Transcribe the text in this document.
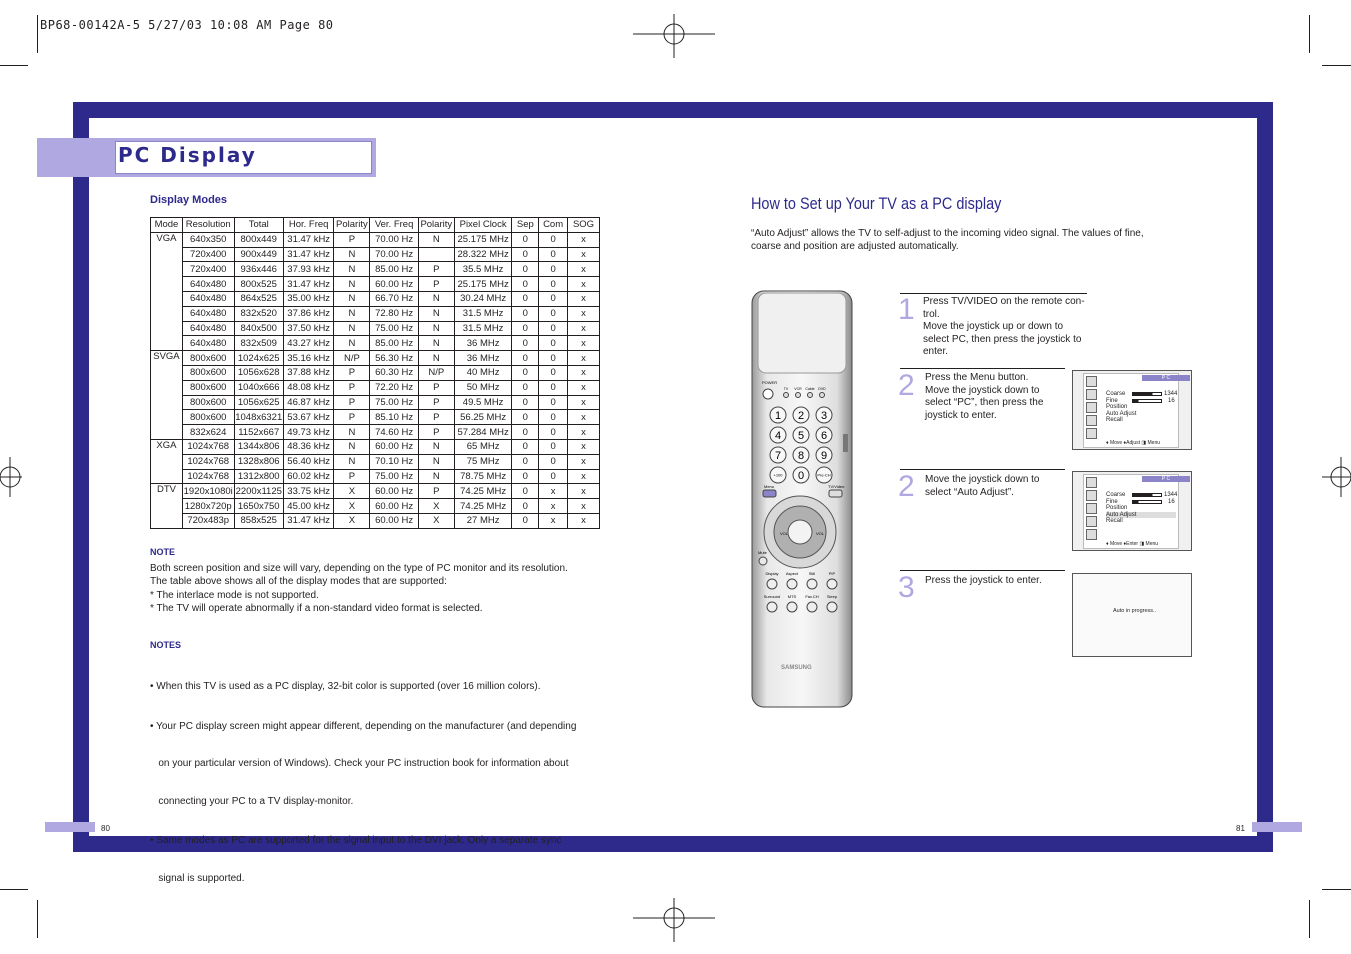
BP68-00142A-5 5/27/03 10:08 AM Page 80
PC Display
Display Modes
Mode	Resolution	Total	Hor. Freq	Polarity	Ver. Freq	Polarity	Pixel Clock	Sep	Com	SOG
VGA	640x350	800x449	31.47 kHz	P	70.00 Hz	N	25.175 MHz	0	0	x
	720x400	900x449	31.47 kHz	N	70.00 Hz		28.322 MHz	0	0	x
	720x400	936x446	37.93 kHz	N	85.00 Hz	P	35.5 MHz	0	0	x
	640x480	800x525	31.47 kHz	N	60.00 Hz	P	25.175 MHz	0	0	x
	640x480	864x525	35.00 kHz	N	66.70 Hz	N	30.24 MHz	0	0	x
	640x480	832x520	37.86 kHz	N	72.80 Hz	N	31.5 MHz	0	0	x
	640x480	840x500	37.50 kHz	N	75.00 Hz	N	31.5 MHz	0	0	x
	640x480	832x509	43.27 kHz	N	85.00 Hz	N	36 MHz	0	0	x
SVGA	800x600	1024x625	35.16 kHz	N/P	56.30 Hz	N	36 MHz	0	0	x
	800x600	1056x628	37.88 kHz	P	60.30 Hz	N/P	40 MHz	0	0	x
	800x600	1040x666	48.08 kHz	P	72.20 Hz	P	50 MHz	0	0	x
	800x600	1056x625	46.87 kHz	P	75.00 Hz	P	49.5 MHz	0	0	x
	800x600	1048x6321	53.67 kHz	P	85.10 Hz	P	56.25 MHz	0	0	x
	832x624	1152x667	49.73 kHz	N	74.60 Hz	P	57.284 MHz	0	0	x
XGA	1024x768	1344x806	48.36 kHz	N	60.00 Hz	N	65 MHz	0	0	x
	1024x768	1328x806	56.40 kHz	N	70.10 Hz	N	75 MHz	0	0	x
	1024x768	1312x800	60.02 kHz	P	75.00 Hz	N	78.75 MHz	0	0	x
DTV	1920x1080i	2200x1125	33.75 kHz	X	60.00 Hz	P	74.25 MHz	0	x	x
	1280x720p	1650x750	45.00 kHz	X	60.00 Hz	X	74.25 MHz	0	x	x
	720x483p	858x525	31.47 kHz	X	60.00 Hz	X	27 MHz	0	x	x
NOTE
Both screen position and size will vary, depending on the type of PC monitor and its resolution.
The table above shows all of the display modes that are supported:
* The interlace mode is not supported.
* The TV will operate abnormally if a non-standard video format is selected.
NOTES

• When this TV is used as a PC display, 32-bit color is supported (over 16 million colors).

• Your PC display screen might appear different, depending on the manufacturer (and depending

on your particular version of Windows). Check your PC instruction book for information about

connecting your PC to a TV display-monitor.

• Same modes as PC are supported for the signal input to the DVI jack. Only a separate sync

signal is supported.

80	81
How to Set up Your TV as a PC display
“Auto Adjust” allows the TV to self-adjust to the incoming video signal. The values of fine,
coarse and position are adjusted automatically.
POWER
TV VCR Cable DVD
1 2 3
4 5 6
7 8 9
+100 0	Pre-CH
Menu	TV/Video
VOL	VOL
Mute
Display Aspect	Still	PIP
Surround MTS Fav.CH Sleep
SAMSUNG
1 Press TV/VIDEO on the remote con-
trol.
Move the joystick up or down to
select PC, then press the joystick to
enter.
2 Press the Menu button.
Move the joystick down to
select “PC”, then press the
joystick to enter.
P C
Coarse	1344
Fine	16
Position
Auto Adjust
Recall
♦ Move ♦Adjust ◨ Menu
2 Move the joystick down to
select “Auto Adjust”.
P C
Coarse	1344
Fine	16
Position
Auto Adjust
Recall
♦ Move ♦Enter ◨ Menu
3 Press the joystick to enter.
Auto in progress..
